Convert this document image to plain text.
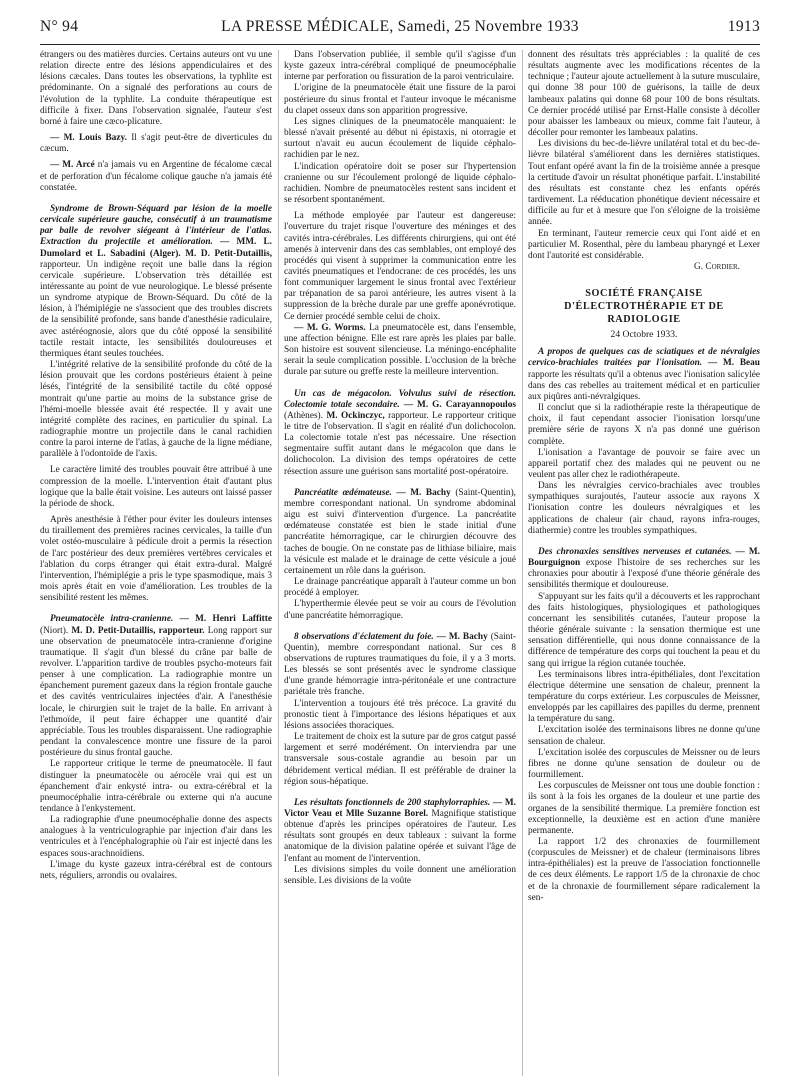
N° 94	LA PRESSE MÉDICALE, Samedi, 25 Novembre 1933	1913

étrangers ou des matières durcies. Certains auteurs ont vu une relation directe entre des lésions appendiculaires et des lésions cæcales. Dans toutes les observations, la typhlite est prédominante. On a signalé des perforations au cours de l'évolution de la typhlite. La conduite thérapeutique est difficile à fixer. Dans l'observation signalée, l'auteur s'est borné à faire une cæco-plicature.

— M. Louis Bazy. Il s'agit peut-être de diverticules du cæcum.

— M. Arcé n'a jamais vu en Argentine de fécalome cæcal et de perforation d'un fécalome colique gauche n'a jamais été constatée.

Syndrome de Brown-Séquard par lésion de la moelle cervicale supérieure gauche, consécutif à un traumatisme par balle de revolver siégeant à l'intérieur de l'atlas. Extraction du projectile et amélioration. — MM. L. Dumolard et L. Sabadini (Alger). M. D. Petit-Dutaillis, rapporteur. Un indigène reçoit une balle dans la région cervicale supérieure. L'observation très détaillée est intéressante au point de vue neurologique. Le blessé présente un syndrome atypique de Brown-Séquard. Du côté de la lésion, à l'hémiplégie ne s'associent que des troubles discrets de la sensibilité profonde, sans bande d'anesthésie radiculaire, avec astéréognosie, alors que du côté opposé la sensibilité tactile restait intacte, les sensibilités douloureuses et thermiques étant seules touchées.

L'intégrité relative de la sensibilité profonde du côté de la lésion prouvait que les cordons postérieurs étaient à peine lésés, l'intégrité de la sensibilité tactile du côté opposé montrait qu'une partie au moins de la substance grise de l'hémi-moelle blessée avait été respectée. Il y avait une intégrité complète des racines, en particulier du spinal. La radiographie montre un projectile dans le canal rachidien contre la paroi interne de l'atlas, à gauche de la ligne médiane, parallèle à l'odontoïde de l'axis.

Le caractère limité des troubles pouvait être attribué à une compression de la moelle. L'intervention était d'autant plus logique que la balle était voisine. Les auteurs ont laissé passer la période de shock.

Après anesthésie à l'éther pour éviter les douleurs intenses du tiraillement des premières racines cervicales, la taille d'un volet ostéo-musculaire à pédicule droit a permis la résection de l'arc postérieur des deux premières vertèbres cervicales et l'ablation du corps étranger qui était extra-dural. Malgré l'intervention, l'hémiplégie a pris le type spasmodique, mais 3 mois après était en voie d'amélioration. Les troubles de la sensibilité restent les mêmes.

Pneumatocèle intra-cranienne. — M. Henri Laffitte (Niort). M. D. Petit-Dutaillis, rapporteur. Long rapport sur une observation de pneumatocèle intra-cranienne d'origine traumatique. Il s'agit d'un blessé du crâne par balle de revolver. L'apparition tardive de troubles psycho-moteurs fait penser à une complication. La radiographie montre un épanchement purement gazeux dans la région frontale gauche et des cavités ventriculaires injectées d'air. A l'anesthésie locale, le chirurgien suit le trajet de la balle. En arrivant à l'ethmoïde, il peut faire échapper une quantité d'air appréciable. Tous les troubles disparaissent. Une radiographie pendant la convalescence montre une fissure de la paroi postérieure du sinus frontal gauche.

Le rapporteur critique le terme de pneumatocèle. Il faut distinguer la pneumatocèle ou aérocèle vrai qui est un épanchement d'air enkysté intra- ou extra-cérébral et la pneumocéphalie intra-cérébrale ou externe qui n'a aucune tendance à l'enkystement.

La radiographie d'une pneumocéphalie donne des aspects analogues à la ventriculographie par injection d'air dans les ventricules et à l'encéphalographie où l'air est injecté dans les espaces sous-arachnoïdiens.

L'image du kyste gazeux intra-cérébral est de contours nets, réguliers, arrondis ou ovalaires.

Dans l'observation publiée, il semble qu'il s'agisse d'un kyste gazeux intra-cérébral compliqué de pneumocéphalie interne par perforation ou fissuration de la paroi ventriculaire.

L'origine de la pneumatocèle était une fissure de la paroi postérieure du sinus frontal et l'auteur invoque le mécanisme du clapet osseux dans son apparition progressive.

Les signes cliniques de la pneumatocèle manquaient: le blessé n'avait présenté au début ni épistaxis, ni otorragie et surtout n'avait eu aucun écoulement de liquide céphalo-rachidien par le nez.

L'indication opératoire doit se poser sur l'hypertension cranienne ou sur l'écoulement prolongé de liquide céphalo-rachidien. Nombre de pneumatocèles restent sans incident et se résorbent spontanément.

La méthode employée par l'auteur est dangereuse: l'ouverture du trajet risque l'ouverture des méninges et des cavités intra-cérébrales. Les différents chirurgiens, qui ont été amenés à intervenir dans des cas semblables, ont employé des procédés qui visent à supprimer la communication entre les cavités pneumatiques et l'endocrane: de ces procédés, les uns font communiquer largement le sinus frontal avec l'extérieur par trépanation de sa paroi antérieure, les autres visent à la suppression de la brèche durale par une greffe aponévrotique. Ce dernier procédé semble celui de choix.

— M. G. Worms. La pneumatocèle est, dans l'ensemble, une affection bénigne. Elle est rare après les plaies par balle. Son histoire est souvent silencieuse. La méningo-encéphalite serait la seule complication possible. L'occlusion de la brèche durale par suture ou greffe reste la meilleure intervention.

Un cas de mégacolon. Volvulus suivi de résection. Colectomie totale secondaire. — M. G. Carayannopoulos (Athènes). M. Ockinczyc, rapporteur. Le rapporteur critique le titre de l'observation. Il s'agit en réalité d'un dolichocolon. La colectomie totale n'est pas nécessaire. Une résection segmentaire suffit autant dans le mégacolon que dans le dolichocolon. La division des temps opératoires de cette résection assure une guérison sans mortalité post-opératoire.

Pancréatite œdémateuse. — M. Bachy (Saint-Quentin), membre correspondant national. Un syndrome abdominal aigu est suivi d'intervention d'urgence. La pancréatite œdémateuse constatée est bien le stade initial d'une pancréatite hémorragique, car le chirurgien découvre des taches de bougie. On ne constate pas de lithiase biliaire, mais la vésicule est malade et le drainage de cette vésicule a joué certainement un rôle dans la guérison.

Le drainage pancréatique apparaît à l'auteur comme un bon procédé à employer.

L'hyperthermie élevée peut se voir au cours de l'évolution d'une pancréatite hémorragique.

8 observations d'éclatement du foie. — M. Bachy (Saint-Quentin), membre correspondant national. Sur ces 8 observations de ruptures traumatiques du foie, il y a 3 morts. Les blessés se sont présentés avec le syndrome classique d'une grande hémorragie intra-péritonéale et une contracture pariétale très franche.

L'intervention a toujours été très précoce. La gravité du pronostic tient à l'importance des lésions hépatiques et aux lésions associées thoraciques.

Le traitement de choix est la suture par de gros catgut passé largement et serré modérément. On interviendra par une transversale sous-costale agrandie au besoin par un débridement vertical médian. Il est préférable de drainer la région sous-hépatique.

Les résultats fonctionnels de 200 staphylorraphies. — M. Victor Veau et Mlle Suzanne Borel. Magnifique statistique obtenue d'après les principes opératoires de l'auteur. Les résultats sont groupés en deux tableaux : suivant la forme anatomique de la division palatine opérée et suivant l'âge de l'enfant au moment de l'intervention.

Les divisions simples du voile donnent une amélioration sensible. Les divisions de la voûte

donnent des résultats très appréciables : la qualité de ces résultats augmente avec les modifications récentes de la technique ; l'auteur ajoute actuellement à la suture musculaire, qui donne 38 pour 100 de guérisons, la taille de deux lambeaux palatins qui donne 68 pour 100 de bons résultats. Ce dernier procédé utilisé par Ernst-Halle consiste à décoller pour abaisser les lambeaux ou mieux, comme fait l'auteur, à décoller pour remonter les lambeaux palatins.

Les divisions du bec-de-lièvre unilatéral total et du bec-de-lièvre bilatéral s'améliorent dans les dernières statistiques. Tout enfant opéré avant la fin de la troisième année a presque la certitude d'avoir un résultat phonétique parfait. L'instabilité des résultats est constante chez les enfants opérés tardivement. La rééducation phonétique devient nécessaire et difficile au fur et à mesure que l'on s'éloigne de la troisième année.

En terminant, l'auteur remercie ceux qui l'ont aidé et en particulier M. Rosenthal, père du lambeau pharyngé et Lexer dont l'autorité est considérable.

G. Cordier.

SOCIÉTÉ FRANÇAISE D'ÉLECTROTHÉRAPIE ET DE RADIOLOGIE
24 Octobre 1933.

A propos de quelques cas de sciatiques et de névralgies cervico-brachiales traitées par l'ionisation. — M. Beau rapporte les résultats qu'il a obtenus avec l'ionisation salicylée dans des cas rebelles au traitement médical et en particulier aux piqûres anti-névralgiques.

Il conclut que si la radiothérapie reste la thérapeutique de choix, il faut cependant associer l'ionisation lorsqu'une première série de rayons X n'a pas donné une guérison complète.

L'ionisation a l'avantage de pouvoir se faire avec un appareil portatif chez des malades qui ne peuvent ou ne veulent pas aller chez le radiothérapeute.

Dans les névralgies cervico-brachiales avec troubles sympathiques surajoutés, l'auteur associe aux rayons X l'ionisation contre les douleurs névralgiques et les applications de chaleur (air chaud, rayons infra-rouges, diathermie) contre les troubles sympathiques.

Des chronaxies sensitives nerveuses et cutanées. — M. Bourguignon expose l'histoire de ses recherches sur les chronaxies pour aboutir à l'exposé d'une théorie générale des sensibilités thermique et douloureuse.

S'appuyant sur les faits qu'il a découverts et les rapprochant des faits histologiques, physiologiques et pathologiques concernant les sensibilités cutanées, l'auteur propose la théorie générale suivante : la sensation thermique est une sensation différentielle, qui nous donne connaissance de la différence de température des corps qui touchent la peau et du sang qui irrigue la région cutanée touchée.

Les terminaisons libres intra-épithéliales, dont l'excitation électrique détermine une sensation de chaleur, prennent la température du corps extérieur. Les corpuscules de Meissner, enveloppés par les capillaires des papilles du derme, prennent la température du sang.

L'excitation isolée des terminaisons libres ne donne qu'une sensation de chaleur.

L'excitation isolée des corpuscules de Meissner ou de leurs fibres ne donne qu'une sensation de douleur ou de fourmillement.

Les corpuscules de Meissner ont tous une double fonction : ils sont à la fois les organes de la douleur et une partie des organes de la sensibilité thermique. La première fonction est exceptionnelle, la deuxième est en action d'une manière permanente.

La rapport 1/2 des chronaxies de fourmillement (corpuscules de Meissner) et de chaleur (terminaisons libres intra-épithéliales) est la preuve de l'association fonctionnelle de ces deux éléments. Le rapport 1/5 de la chronaxie de choc et de la chronaxie de fourmillement sépare radicalement la sen-
